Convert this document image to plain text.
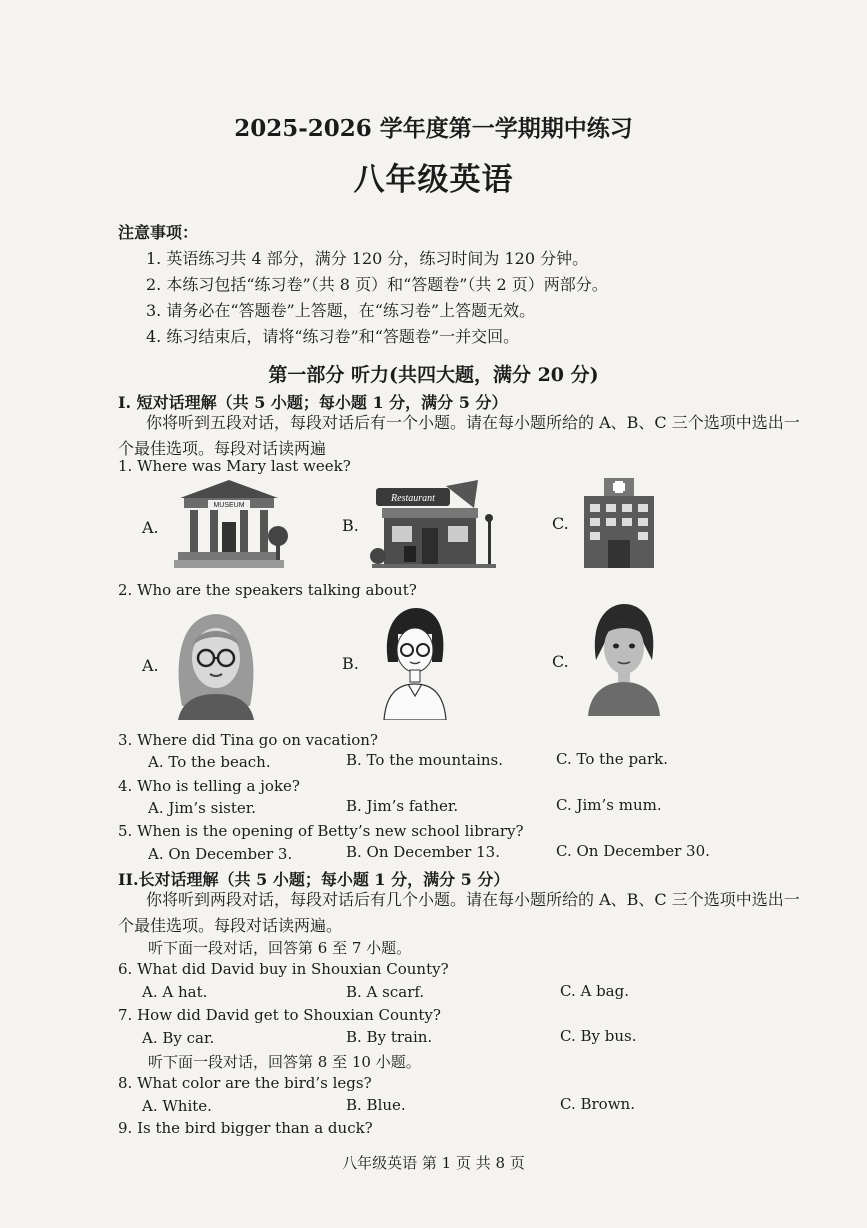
2025-2026 学年度第一学期期中练习
八年级英语
注意事项：
1. 英语练习共 4 部分，满分 120 分，练习时间为 120 分钟。
2. 本练习包括“练习卷”（共 8 页）和“答题卷”（共 2 页）两部分。
3. 请务必在“答题卷”上答题，在“练习卷”上答题无效。
4. 练习结束后，请将“练习卷”和“答题卷”一并交回。
第一部分 听力(共四大题，满分 20 分)
I. 短对话理解（共 5 小题；每小题 1 分，满分 5 分）
你将听到五段对话，每段对话后有一个小题。请在每小题所给的 A、B、C 三个选项中选出一个最佳选项。每段对话读两遍
1. Where was Mary last week?
A.
MUSEUM
B.
Restaurant
C.
2. Who are the speakers talking about?
A.	B.	C.
3. Where did Tina go on vacation?
A. To the beach.	B. To the mountains.	C. To the park.
4. Who is telling a joke?
A. Jim’s sister.	B. Jim’s father.	C. Jim’s mum.
5. When is the opening of Betty’s new school library?
A. On December 3.	B. On December 13.	C. On December 30.
II.长对话理解（共 5 小题；每小题 1 分，满分 5 分）
你将听到两段对话，每段对话后有几个小题。请在每小题所给的 A、B、C 三个选项中选出一个最佳选项。每段对话读两遍。
听下面一段对话，回答第 6 至 7 小题。
6. What did David buy in Shouxian County?
A. A hat.	B. A scarf.	C. A bag.
7. How did David get to Shouxian County?
A. By car.	B. By train.	C. By bus.
听下面一段对话，回答第 8 至 10 小题。
8. What color are the bird’s legs?
A. White.	B. Blue.	C. Brown.
9. Is the bird bigger than a duck?
八年级英语 第 1 页 共 8 页
